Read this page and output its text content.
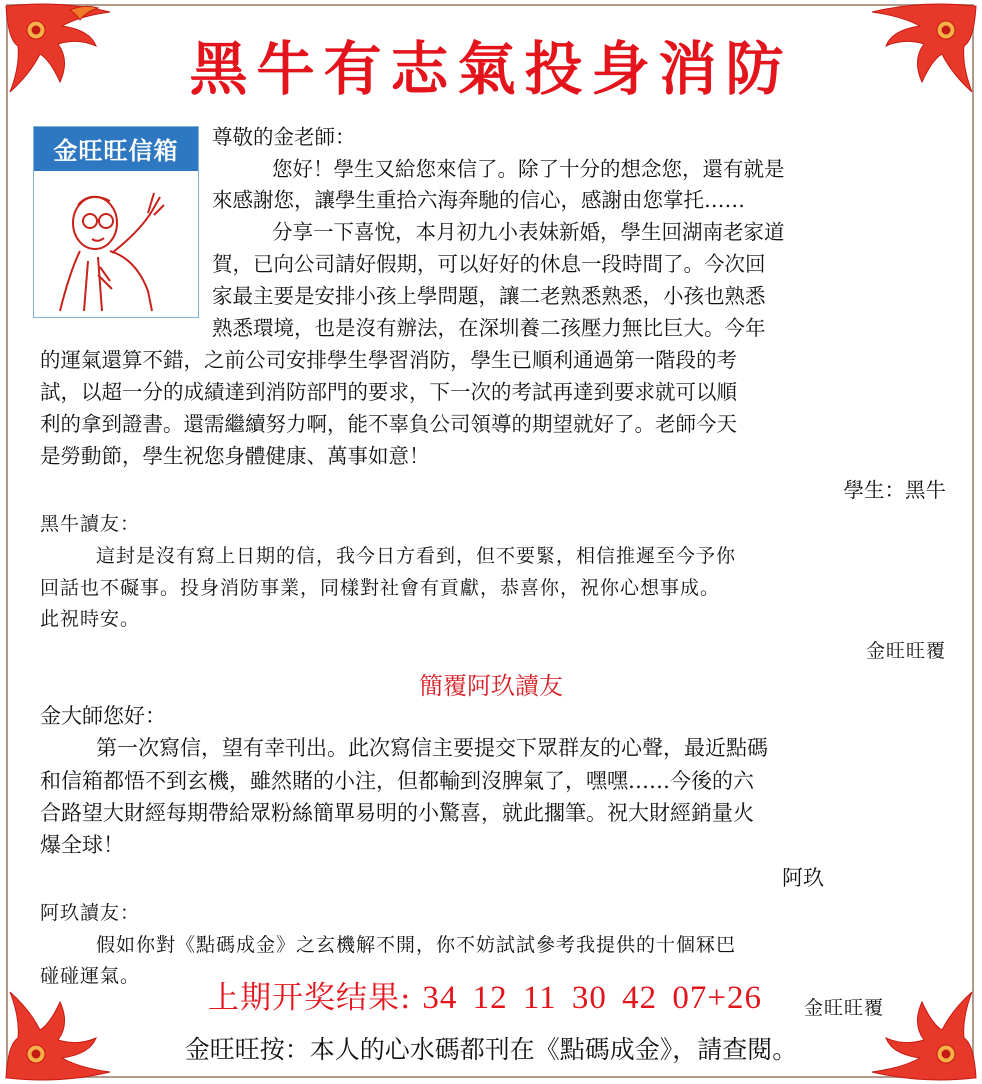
黑牛有志氣投身消防
金旺旺信箱	尊敬的金老師：
您好！學生又給您來信了。除了十分的想念您，還有就是
來感謝您，讓學生重拾六海奔馳的信心，感謝由您掌托……
分享一下喜悅，本月初九小表妹新婚，學生回湖南老家道
賀，已向公司請好假期，可以好好的休息一段時間了。今次回
家最主要是安排小孩上學問題，讓二老熟悉熟悉，小孩也熟悉
熟悉環境，也是沒有辦法，在深圳養二孩壓力無比巨大。今年
的運氣還算不錯，之前公司安排學生學習消防，學生已順利通過第一階段的考
試，以超一分的成績達到消防部門的要求，下一次的考試再達到要求就可以順
利的拿到證書。還需繼續努力啊，能不辜負公司領導的期望就好了。老師今天
是勞動節，學生祝您身體健康、萬事如意！
學生：黑牛
黑牛讀友：
這封是沒有寫上日期的信，我今日方看到，但不要緊，相信推遲至今予你
回話也不礙事。投身消防事業，同樣對社會有貢獻，恭喜你，祝你心想事成。
此祝時安。
金旺旺覆
簡覆阿玖讀友
金大師您好：
第一次寫信，望有幸刊出。此次寫信主要提交下眾群友的心聲，最近點碼
和信箱都悟不到玄機，雖然賭的小注，但都輸到沒脾氣了，嘿嘿……今後的六
合路望大財經每期帶給眾粉絲簡單易明的小驚喜，就此擱筆。祝大財經銷量火
爆全球！
阿玖
阿玖讀友：
假如你對《點碼成金》之玄機解不開，你不妨試試參考我提供的十個冧巴
碰碰運氣。
金旺旺覆
上期开奖结果: 34 12 11 30 42 07+26
金旺旺按：本人的心水碼都刊在《點碼成金》，請查閱。
